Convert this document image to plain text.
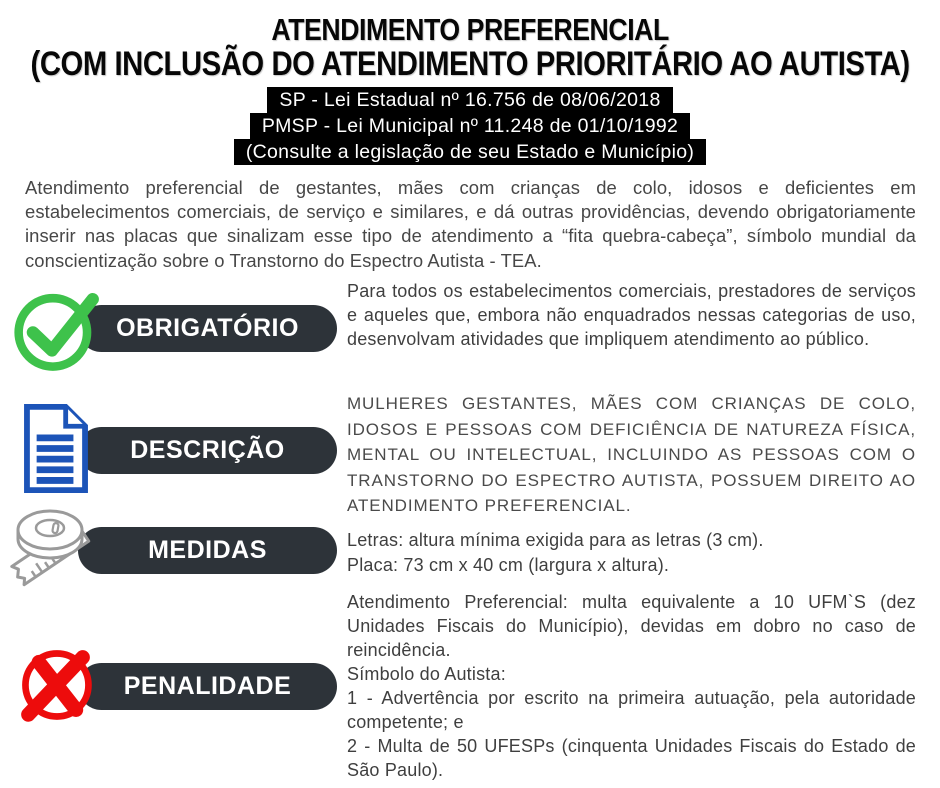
ATENDIMENTO PREFERENCIAL
(COM INCLUSÃO DO ATENDIMENTO PRIORITÁRIO AO AUTISTA)
SP - Lei Estadual nº 16.756 de 08/06/2018
PMSP - Lei Municipal nº 11.248 de 01/10/1992
(Consulte a legislação de seu Estado e Município)

Atendimento preferencial de gestantes, mães com crianças de colo, idosos e deficientes em estabelecimentos comerciais, de serviço e similares, e dá outras providências, devendo obrigatoriamente inserir nas placas que sinalizam esse tipo de atendimento a “fita quebra-cabeça”, símbolo mundial da conscientização sobre o Transtorno do Espectro Autista - TEA.

OBRIGATÓRIO
Para todos os estabelecimentos comerciais, prestadores de serviços e aqueles que, embora não enquadrados nessas categorias de uso, desenvolvam atividades que impliquem atendimento ao público.
DESCRIÇÃO
MULHERES GESTANTES, MÃES COM CRIANÇAS DE COLO, IDOSOS E PESSOAS COM DEFICIÊNCIA DE NATUREZA FÍSICA, MENTAL OU INTELECTUAL, INCLUINDO AS PESSOAS COM O TRANSTORNO DO ESPECTRO AUTISTA, POSSUEM DIREITO AO ATENDIMENTO PREFERENCIAL.
MEDIDAS	Letras: altura mínima exigida para as letras (3 cm).

Placa: 73 cm x 40 cm (largura x altura).

PENALIDADE

Atendimento Preferencial: multa equivalente a 10 UFM`S (dez Unidades Fiscais do Município), devidas em dobro no caso de reincidência.

Símbolo do Autista:

1 - Advertência por escrito na primeira autuação, pela autoridade competente; e

2 - Multa de 50 UFESPs (cinquenta Unidades Fiscais do Estado de São Paulo).
